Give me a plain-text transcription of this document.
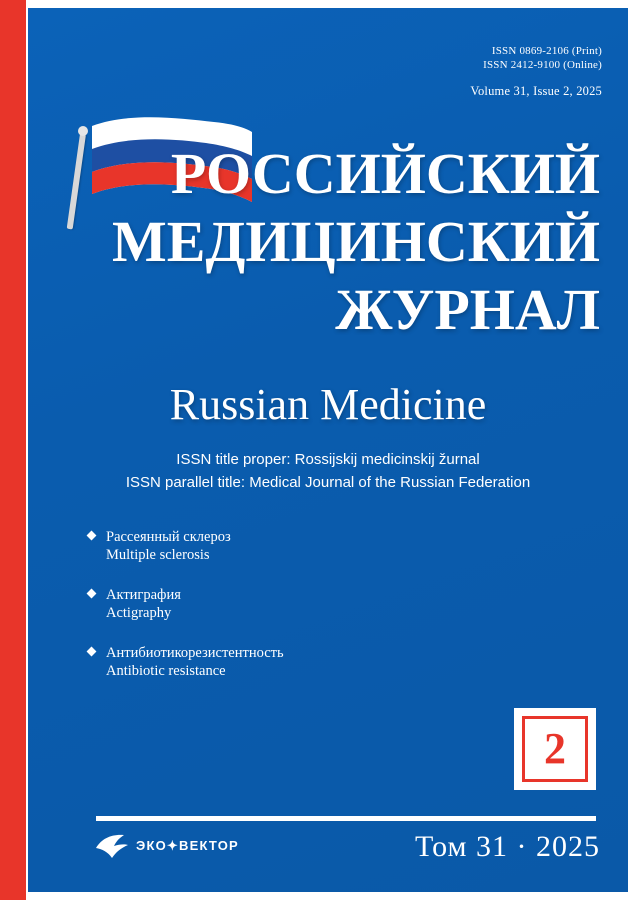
ISSN 0869-2106 (Print)
ISSN 2412-9100 (Online)
Volume 31, Issue 2, 2025
РОССИЙСКИЙ
МЕДИЦИНСКИЙ
ЖУРНАЛ
Russian Medicine
ISSN title proper: Rossijskij medicinskij žurnal
ISSN parallel title: Medical Journal of the Russian Federation
Рассеянный склероз
Multiple sclerosis
Актиграфия
Actigraphy
Антибиотикорезистентность
Antibiotic resistance
2
ЭКО✦ВЕКТОР	Том 31 · 2025
